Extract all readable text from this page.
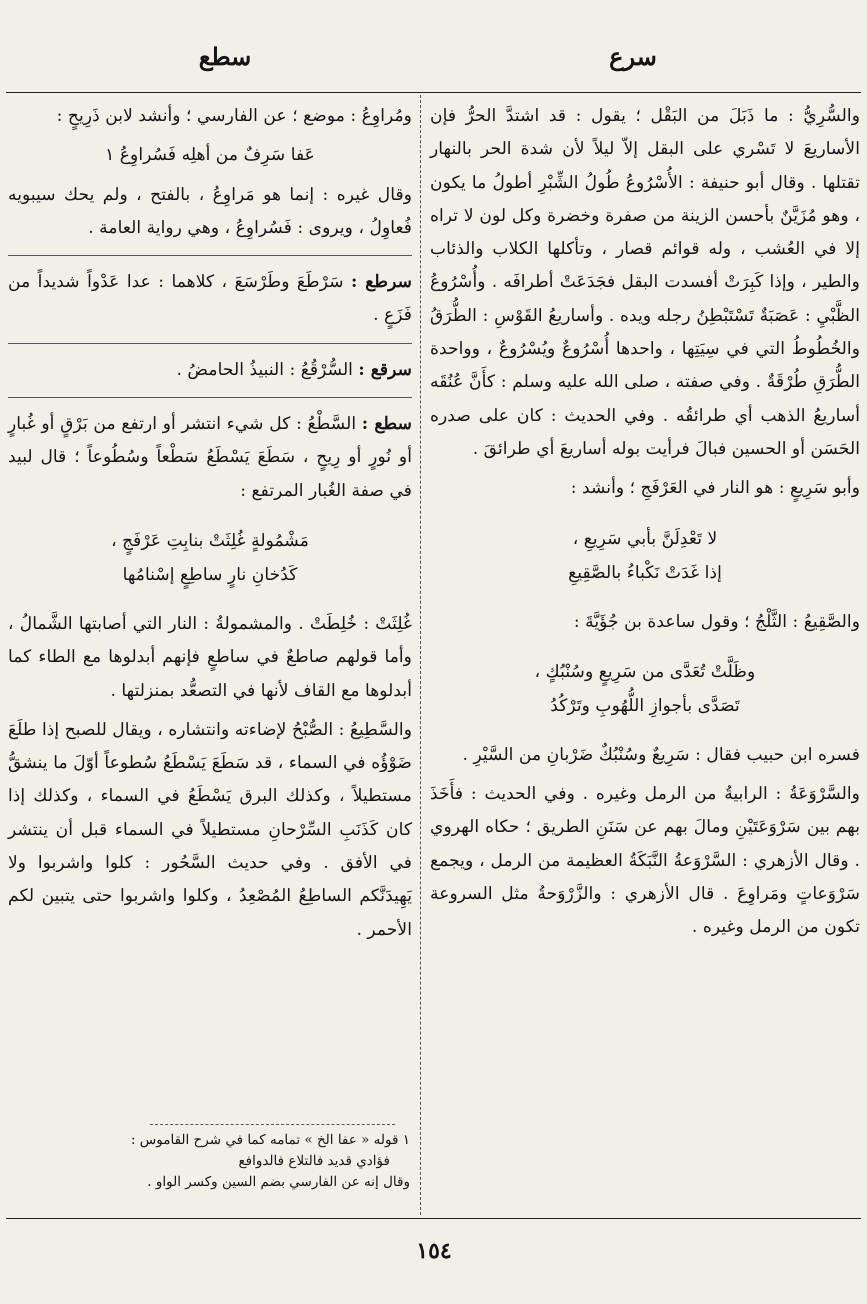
سرع
سطع

والسُّرِيُّ : ما ذَبَلَ من البَقْل ؛ يقول : قد اشتدَّ الحرُّ فإن الأساريعَ لا تَسْري على البقل إلاّ ليلاً لأن شدة الحر بالنهار تقتلها . وقال أبو حنيفة : الأُسْرُوعُ طُولُ الشِّبْرِ أطولُ ما يكون ، وهو مُزَيَّنٌ بأحسن الزينة من صفرة وخضرة وكل لون لا تراه إلا في العُشب ، وله قوائم قصار ، وتأكلها الكلاب والذئاب والطير ، وإذا كَبِرَتْ أفسدت البقل فجَدَعَتْ أطرافَه . وأُسْرُوعُ الظَّبْيِ : عَصَبَةٌ تَسْتَبْطِنُ رجله ويده . وأساريعُ القَوْسِ : الطُّرَقُ والخُطُوطُ التي في سِيَتِها ، واحدها أُسْرُوعٌ ويُسْرُوعٌ ، وواحدة الطُّرَقِ طُرْقَةٌ . وفي صفته ، صلى الله عليه وسلم : كأَنَّ عُنُقَه أساريعُ الذهب أي طرائقُه . وفي الحديث : كان على صدره الحَسَن أو الحسين فبالَ فرأيت بوله أساريعَ أي طرائقَ .

وأبو سَرِيعٍ : هو النار في العَرْفَجِ ؛ وأنشد :

لا تَعْدِلَنَّ بأبي سَرِيعِ ،
إذا غَدَتْ نَكْباءُ بالصَّقِيعِ

والصَّقِيعُ : الثَّلْجُ ؛ وقول ساعدة بن جُؤَيَّةَ :

وظَلَّتْ تُعَدَّى من سَرِيعٍ وسُنْبُكٍ ،
تَصَدَّى بأجوازِ اللُّهُوبِ وتَرْكُدُ

فسره ابن حبيب فقال : سَرِيعٌ وسُنْبُكٌ ضَرْبانِ من السَّيْرِ .

والسَّرْوَعَةُ : الرابيةُ من الرمل وغيره . وفي الحديث : فأَخَذَ بهم بين سَرْوَعَتَيْنِ ومالَ بهم عن سَنَنِ الطريق ؛ حكاه الهروي . وقال الأزهري : السَّرْوَعةُ النَّبَكَةُ العظيمة من الرمل ، ويجمع سَرْوَعاتٍ ومَراوِعَ . قال الأزهري : والزَّرْوَحةُ مثل السروعة تكون من الرمل وغيره .

ومُراوِعُ : موضع ؛ عن الفارسي ؛ وأنشد لابن ذَرِيحٍ :

عَفا سَرِفٌ من أهلِه فَسُراوِعُ ١

وقال غيره : إنما هو مَراوِعُ ، بالفتح ، ولم يحك سيبويه فُعاوِلُ ، ويروى : فَسُراوِعُ ، وهي رواية العامة .

سرطع : سَرْطَعَ وطَرْسَعَ ، كلاهما : عدا عَدْواً شديداً من فَزَعٍ .

سرقع : السُّرْقُعُ : النبيذُ الحامضُ .

سطع : السَّطْعُ : كل شيء انتشر أو ارتفع من بَرْقٍ أو غُبارٍ أو نُورٍ أو رِيحٍ ، سَطَعَ يَسْطَعُ سَطْعاً وسُطُوعاً ؛ قال لبيد في صفة الغُبار المرتفع :

مَشْمُولةٍ غُلِثَتْ بنابِتِ عَرْفَجٍ ،
كَدُخانِ نارٍ ساطِعٍ إسْنامُها

غُلِثَتْ : خُلِطَتْ . والمشمولةُ : النار التي أصابتها الشَّمالُ ، وأما قولهم صاطعٌ في ساطعٍ فإنهم أبدلوها مع الطاء كما أبدلوها مع القاف لأنها في التصعُّد بمنزلتها .

والسَّطِيعُ : الصُّبْحُ لإضاءته وانتشاره ، ويقال للصبح إذا طلَعَ ضَوْؤُه في السماء ، قد سَطَعَ يَسْطَعُ سُطوعاً أوّلَ ما ينشقُّ مستطيلاً ، وكذلك البرق يَسْطَعُ في السماء ، وكذلك إذا كان كَذَنَبِ السِّرْحانِ مستطيلاً في السماء قبل أن ينتشر في الأفق . وفي حديث السَّحُور : كلوا واشربوا ولا يَهِيدَنَّكم الساطِعُ المُصْعِدُ ، وكلوا واشربوا حتى يتبين لكم الأحمر .

١ قوله « عفا الخ » تمامه كما في شرح القاموس :
فؤادي قديد فالتلاع فالدوافع
وقال إنه عن الفارسي بضم السين وكسر الواو .
١٥٤
